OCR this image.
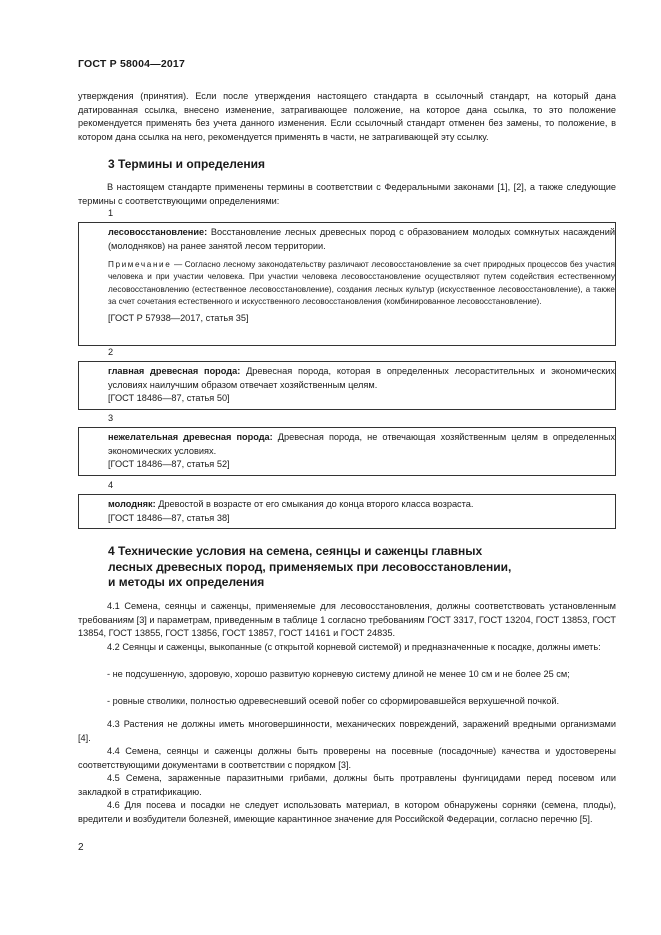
ГОСТ Р 58004—2017

утверждения (принятия). Если после утверждения настоящего стандарта в ссылочный стандарт, на который дана датированная ссылка, внесено изменение, затрагивающее положение, на которое дана ссылка, то это положение рекомендуется применять без учета данного изменения. Если ссылочный стандарт отменен без замены, то положение, в котором дана ссылка на него, рекомендуется применять в части, не затрагивающей эту ссылку.

3 Термины и определения

В настоящем стандарте применены термины в соответствии с Федеральными законами [1], [2], а также следующие термины с соответствующими определениями:

1

лесовосстановление: Восстановление лесных древесных пород с образованием молодых сомкнутых насаждений (молодняков) на ранее занятой лесом территории.

Примечание — Согласно лесному законодательству различают лесовосстановление за счет природных процессов без участия человека и при участии человека. При участии человека лесовосстановление осуществляют путем содействия естественному лесовосстановлению (естественное лесовосстановление), создания лесных культур (искусственное лесовосстановление), а также за счет сочетания естественного и искусственного лесовосстановления (комбинированное лесовосстановление).

[ГОСТ Р 57938—2017, статья 35]

2

главная древесная порода: Древесная порода, которая в определенных лесорастительных и экономических условиях наилучшим образом отвечает хозяйственным целям.

[ГОСТ 18486—87, статья 50]

3

нежелательная древесная порода: Древесная порода, не отвечающая хозяйственным целям в определенных экономических условиях.

[ГОСТ 18486—87, статья 52]

4

молодняк: Древостой в возрасте от его смыкания до конца второго класса возраста.

[ГОСТ 18486—87, статья 38]

4 Технические условия на семена, сеянцы и саженцы главных
лесных древесных пород, применяемых при лесовосстановлении,
и методы их определения

4.1 Семена, сеянцы и саженцы, применяемые для лесовосстановления, должны соответствовать установленным требованиям [3] и параметрам, приведенным в таблице 1 согласно требованиям ГОСТ 3317, ГОСТ 13204, ГОСТ 13853, ГОСТ 13854, ГОСТ 13855, ГОСТ 13856, ГОСТ 13857, ГОСТ 14161 и ГОСТ 24835.

4.2 Сеянцы и саженцы, выкопанные (с открытой корневой системой) и предназначенные к посадке, должны иметь:

- не подсушенную, здоровую, хорошо развитую корневую систему длиной не менее 10 см и не более 25 см;

- ровные стволики, полностью одревесневший осевой побег со сформировавшейся верхушечной почкой.

4.3 Растения не должны иметь многовершинности, механических повреждений, заражений вредными организмами [4].

4.4 Семена, сеянцы и саженцы должны быть проверены на посевные (посадочные) качества и удостоверены соответствующими документами в соответствии с порядком [3].

4.5 Семена, зараженные паразитными грибами, должны быть протравлены фунгицидами перед посевом или закладкой в стратификацию.

4.6 Для посева и посадки не следует использовать материал, в котором обнаружены сорняки (семена, плоды), вредители и возбудители болезней, имеющие карантинное значение для Российской Федерации, согласно перечню [5].

2
